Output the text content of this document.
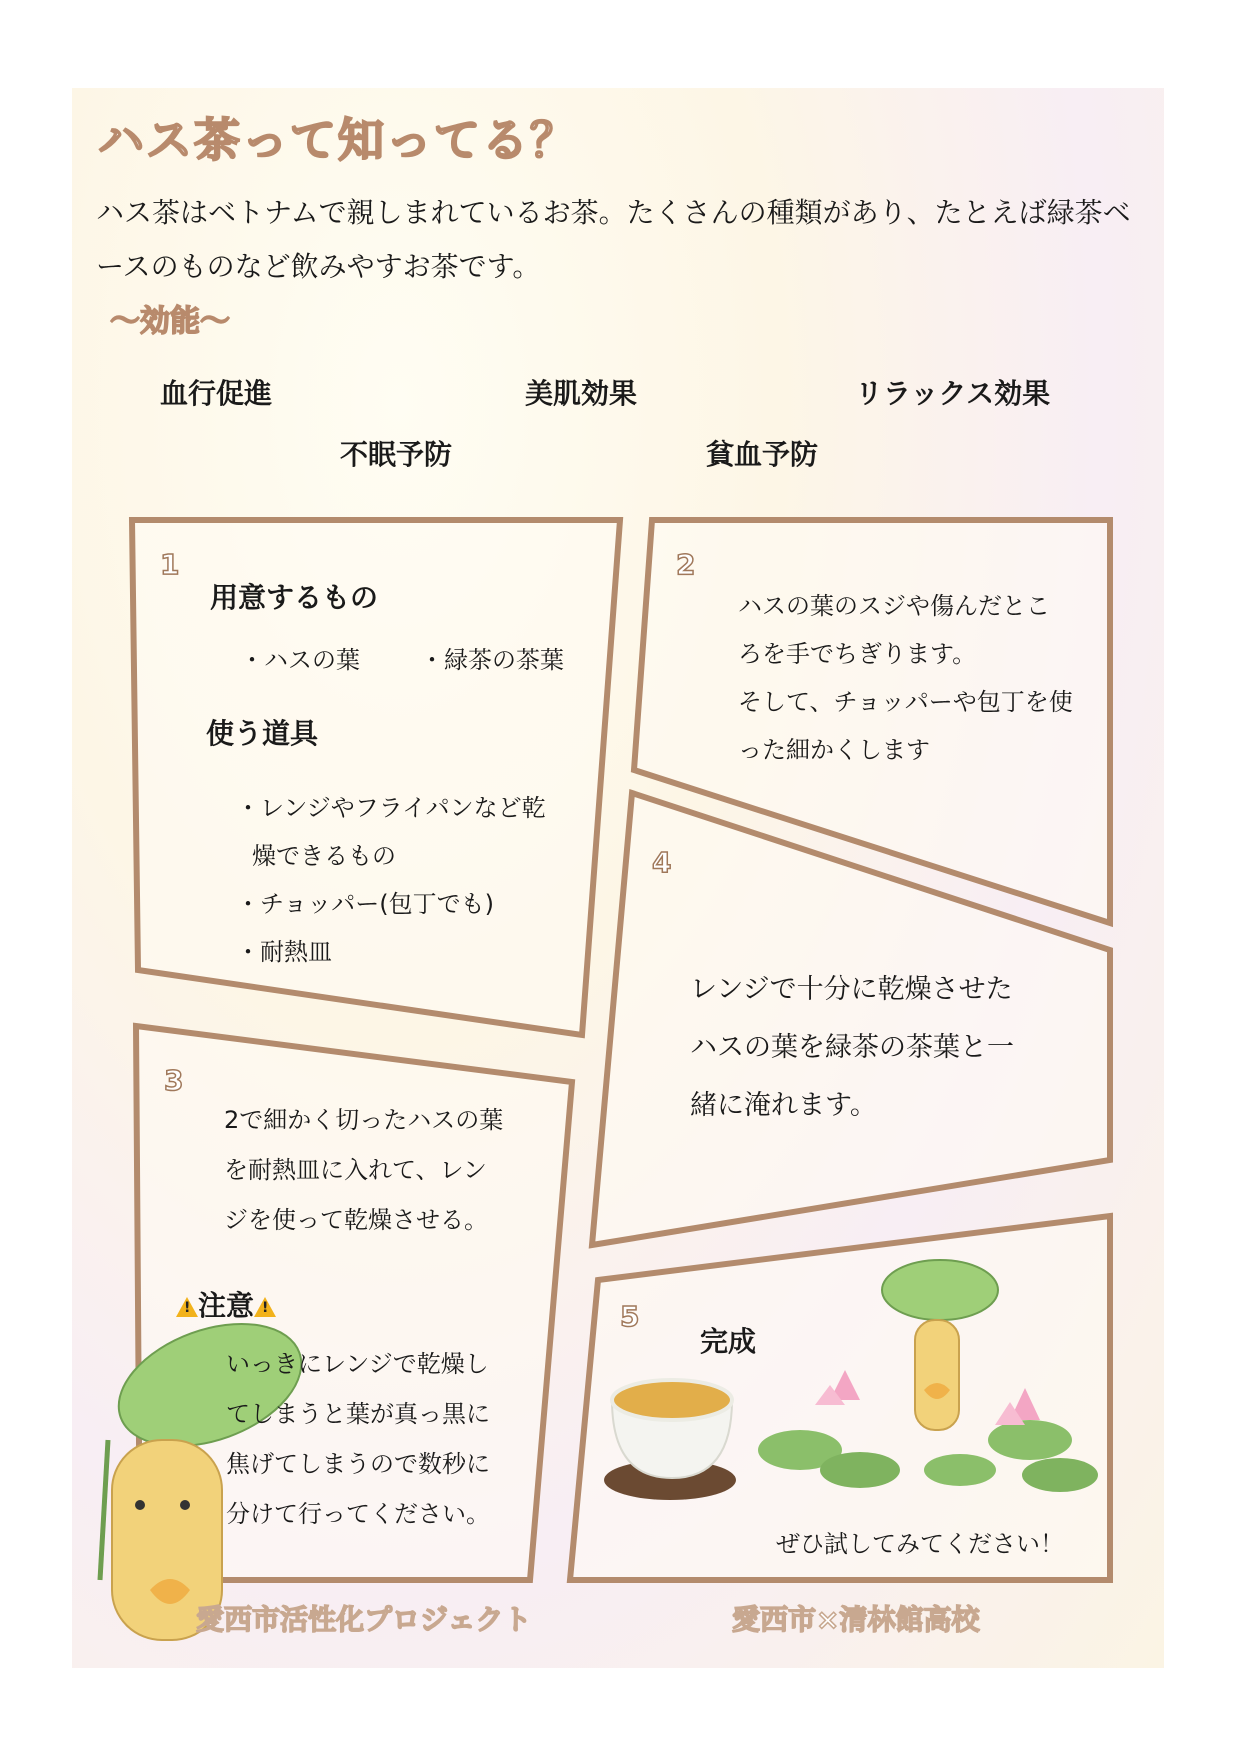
ハス茶って知ってる？
ハス茶はベトナムで親しまれているお茶。たくさんの種類があり、たとえば緑茶ベースのものなど飲みやすお茶です。
～効能～
血行促進	美肌効果	リラックス効果
不眠予防	貧血予防
1
用意するもの
・ハスの葉	・緑茶の茶葉
使う道具
・レンジやフライパンなど乾
燥できるもの
・チョッパー(包丁でも)
・耐熱皿
2
ハスの葉のスジや傷んだとこ
ろを手でちぎります。
そして、チョッパーや包丁を使
った細かくします
3
2で細かく切ったハスの葉
を耐熱皿に入れて、レン
ジを使って乾燥させる。
!注意!
いっきにレンジで乾燥し
てしまうと葉が真っ黒に
焦げてしまうので数秒に
分けて行ってください。
4
レンジで十分に乾燥させた
ハスの葉を緑茶の茶葉と一
緒に淹れます。
5
完成
ぜひ試してみてください！
愛西市活性化プロジェクト	愛西市×清林館高校
